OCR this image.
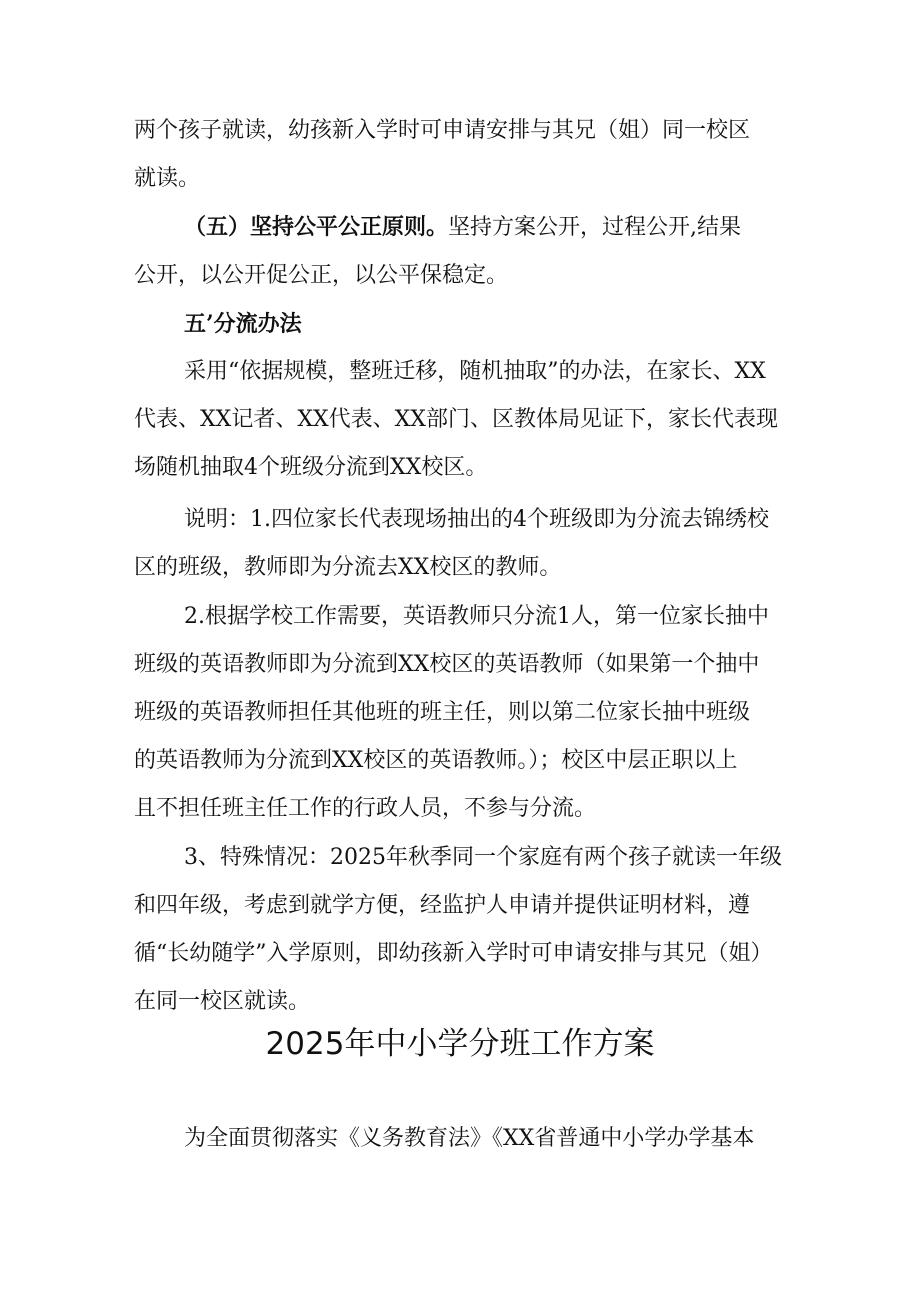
两个孩子就读，幼孩新入学时可申请安排与其兄（姐）同一校区
就读。
（五）坚持公平公正原则。坚持方案公开，过程公开,结果
公开，以公开促公正，以公平保稳定。
五’分流办法
采用“依据规模，整班迁移，随机抽取”的办法，在家长、XX
代表、XX记者、XX代表、XX部门、区教体局见证下，家长代表现
场随机抽取4个班级分流到XX校区。
说明：1.四位家长代表现场抽出的4个班级即为分流去锦绣校
区的班级，教师即为分流去XX校区的教师。
2.根据学校工作需要，英语教师只分流1人，第一位家长抽中
班级的英语教师即为分流到XX校区的英语教师（如果第一个抽中
班级的英语教师担任其他班的班主任，则以第二位家长抽中班级
的英语教师为分流到XX校区的英语教师。）；校区中层正职以上
且不担任班主任工作的行政人员，不参与分流。
3、特殊情况：2025年秋季同一个家庭有两个孩子就读一年级
和四年级，考虑到就学方便，经监护人申请并提供证明材料，遵
循“长幼随学”入学原则，即幼孩新入学时可申请安排与其兄（姐）
在同一校区就读。
2025年中小学分班工作方案
为全面贯彻落实《义务教育法》《XX省普通中小学办学基本
